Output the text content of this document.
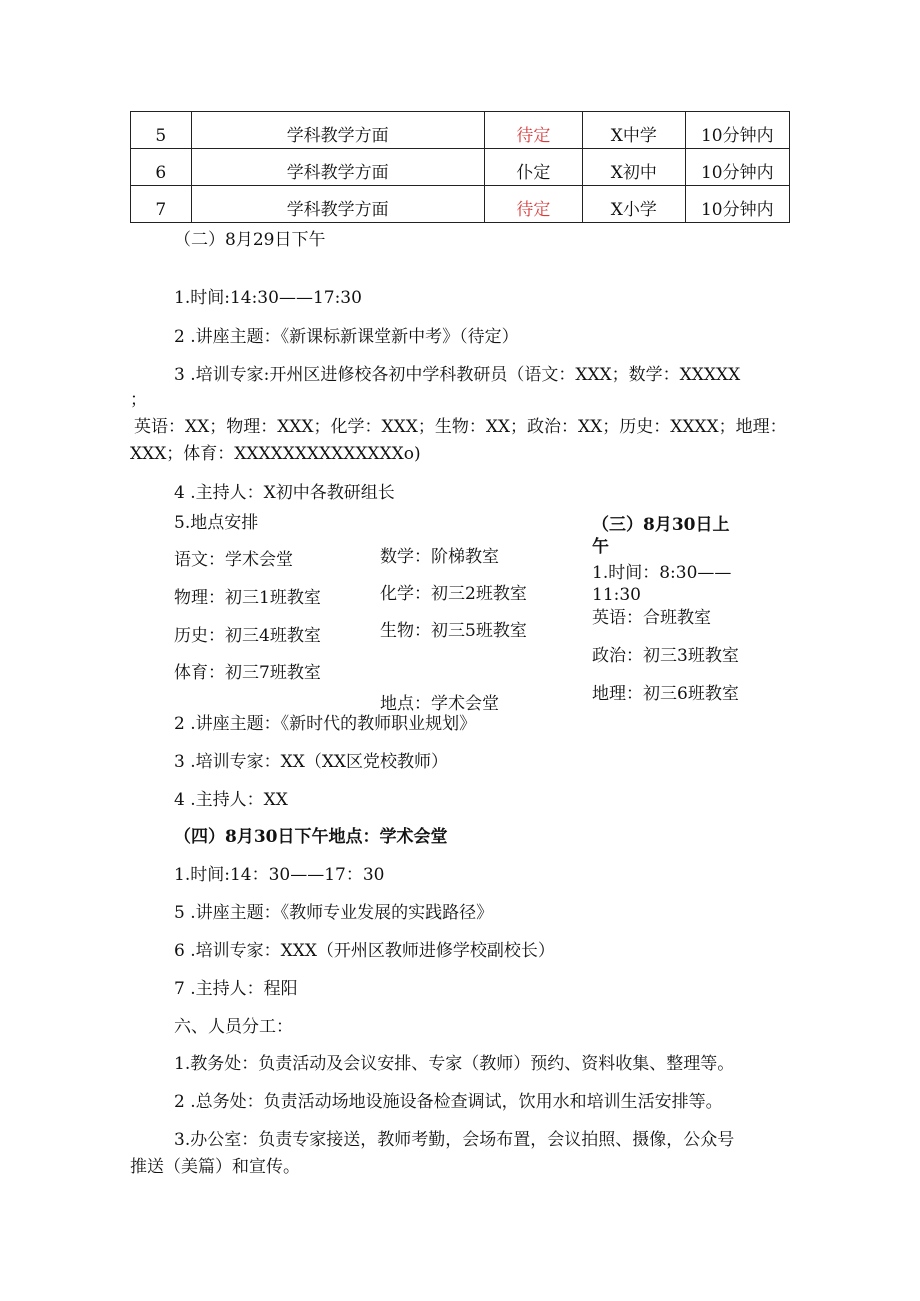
5	学科教学方面	待定	X中学	10分钟内
6	学科教学方面	仆定	X初中	10分钟内
7	学科教学方面	待定	X小学	10分钟内
（二）8月29日下午
1.时间:14:30——17:30
2 .讲座主题：《新课标新课堂新中考》（待定）
3 .培训专家:开州区进修校各初中学科教研员（语文：XXX；数学：XXXXX
；
英语：XX；物理：XXX；化学：XXX；生物：XX；政治：XX；历史：XXXX；地理：
XXX；体育：XXXXXXXXXXXXXXo)
4 .主持人：X初中各教研组长
5.地点安排
语文：学术会堂
物理：初三1班教室
历史：初三4班教室
体育：初三7班教室
数学：阶梯教室
化学：初三2班教室
生物：初三5班教室
（三）8月30日上
午
1.时间：8:30——
11:30
英语：合班教室
政治：初三3班教室
地理：初三6班教室
地点：学术会堂
2 .讲座主题：《新时代的教师职业规划》
3 .培训专家：XX（XX区党校教师）
4 .主持人：XX
（四）8月30日下午地点：学术会堂
1.时间:14：30——17：30
5 .讲座主题：《教师专业发展的实践路径》
6 .培训专家：XXX（开州区教师进修学校副校长）
7 .主持人：程阳
六、人员分工：
1.教务处：负责活动及会议安排、专家（教师）预约、资料收集、整理等。
2 .总务处：负责活动场地设施设备检查调试，饮用水和培训生活安排等。
3.办公室：负责专家接送，教师考勤，会场布置，会议拍照、摄像，公众号
推送（美篇）和宣传。
